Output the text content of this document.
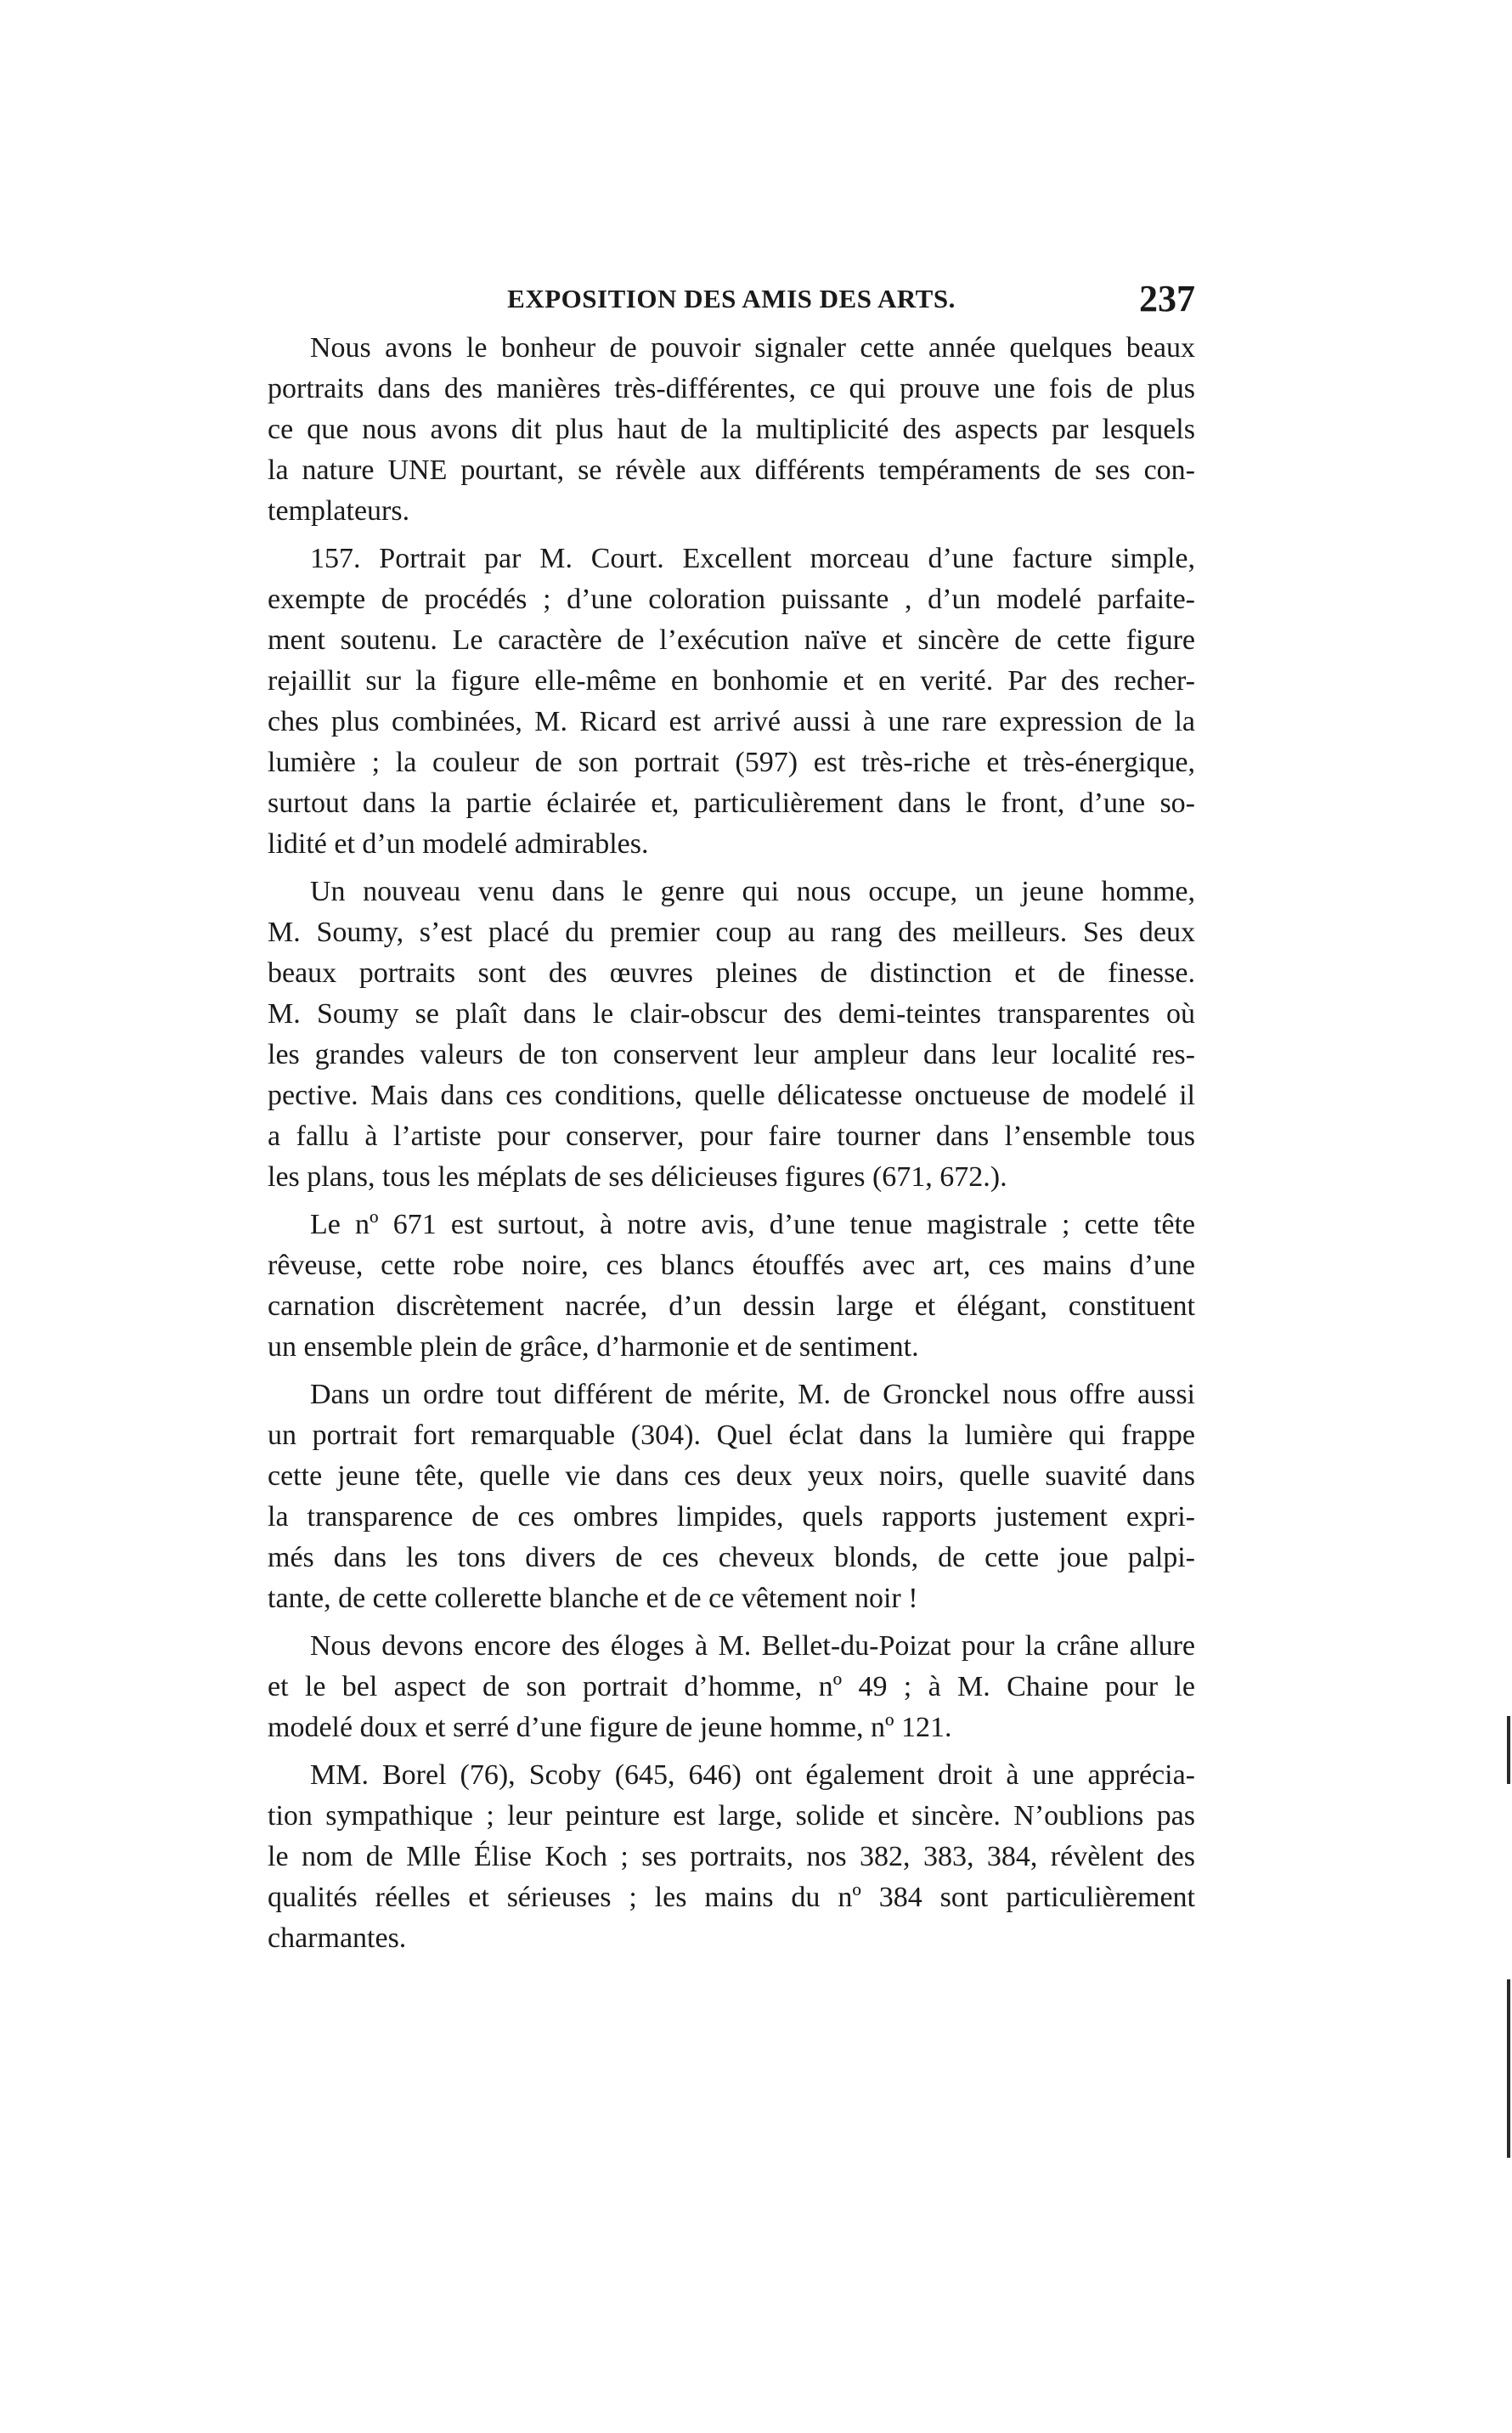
EXPOSITION DES AMIS DES ARTS.	237
Nous avons le bonheur de pouvoir signaler cette année quelques beaux
portraits dans des manières très-différentes, ce qui prouve une fois de plus
ce que nous avons dit plus haut de la multiplicité des aspects par lesquels
la nature UNE pourtant, se révèle aux différents tempéraments de ses con-
templateurs.
157. Portrait par M. Court. Excellent morceau d’une facture simple,
exempte de procédés ; d’une coloration puissante , d’un modelé parfaite-
ment soutenu. Le caractère de l’exécution naïve et sincère de cette figure
rejaillit sur la figure elle-même en bonhomie et en verité. Par des recher-
ches plus combinées, M. Ricard est arrivé aussi à une rare expression de la
lumière ; la couleur de son portrait (597) est très-riche et très-énergique,
surtout dans la partie éclairée et, particulièrement dans le front, d’une so-
lidité et d’un modelé admirables.
Un nouveau venu dans le genre qui nous occupe, un jeune homme,
M. Soumy, s’est placé du premier coup au rang des meilleurs. Ses deux
beaux portraits sont des œuvres pleines de distinction et de finesse.
M. Soumy se plaît dans le clair-obscur des demi-teintes transparentes où
les grandes valeurs de ton conservent leur ampleur dans leur localité res-
pective. Mais dans ces conditions, quelle délicatesse onctueuse de modelé il
a fallu à l’artiste pour conserver, pour faire tourner dans l’ensemble tous
les plans, tous les méplats de ses délicieuses figures (671, 672.).
Le nº 671 est surtout, à notre avis, d’une tenue magistrale ; cette tête
rêveuse, cette robe noire, ces blancs étouffés avec art, ces mains d’une
carnation discrètement nacrée, d’un dessin large et élégant, constituent
un ensemble plein de grâce, d’harmonie et de sentiment.
Dans un ordre tout différent de mérite, M. de Gronckel nous offre aussi
un portrait fort remarquable (304). Quel éclat dans la lumière qui frappe
cette jeune tête, quelle vie dans ces deux yeux noirs, quelle suavité dans
la transparence de ces ombres limpides, quels rapports justement expri-
més dans les tons divers de ces cheveux blonds, de cette joue palpi-
tante, de cette collerette blanche et de ce vêtement noir !
Nous devons encore des éloges à M. Bellet-du-Poizat pour la crâne allure
et le bel aspect de son portrait d’homme, nº 49 ; à M. Chaine pour le
modelé doux et serré d’une figure de jeune homme, nº 121.
MM. Borel (76), Scoby (645, 646) ont également droit à une apprécia-
tion sympathique ; leur peinture est large, solide et sincère. N’oublions pas
le nom de Mlle Élise Koch ; ses portraits, nos 382, 383, 384, révèlent des
qualités réelles et sérieuses ; les mains du nº 384 sont particulièrement
charmantes.
